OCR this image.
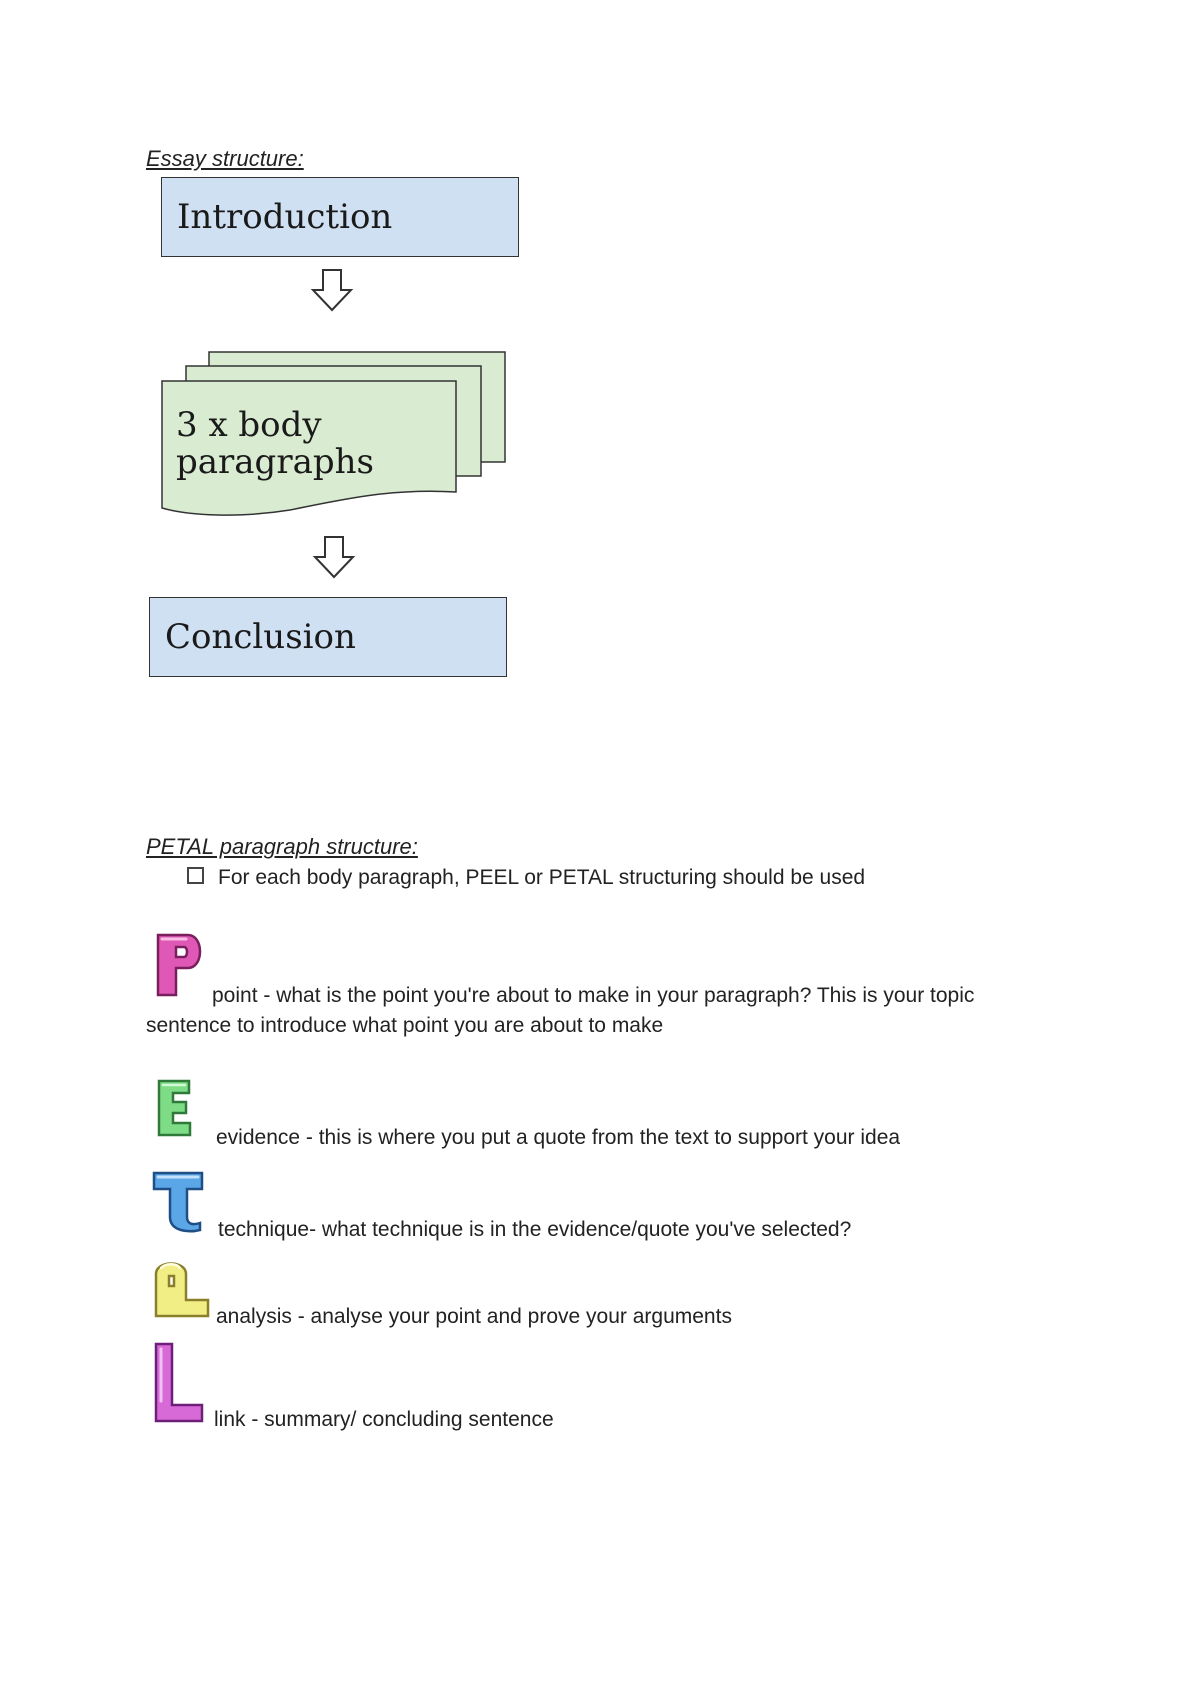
Essay structure:
Introduction
3 x body
paragraphs
Conclusion
PETAL paragraph structure:
For each body paragraph, PEEL or PETAL structuring should be used
point - what is the point you're about to make in your paragraph? This is your topic
sentence to introduce what point you are about to make
evidence - this is where you put a quote from the text to support your idea
technique- what technique is in the evidence/quote you've selected?
analysis - analyse your point and prove your arguments
link - summary/ concluding sentence
